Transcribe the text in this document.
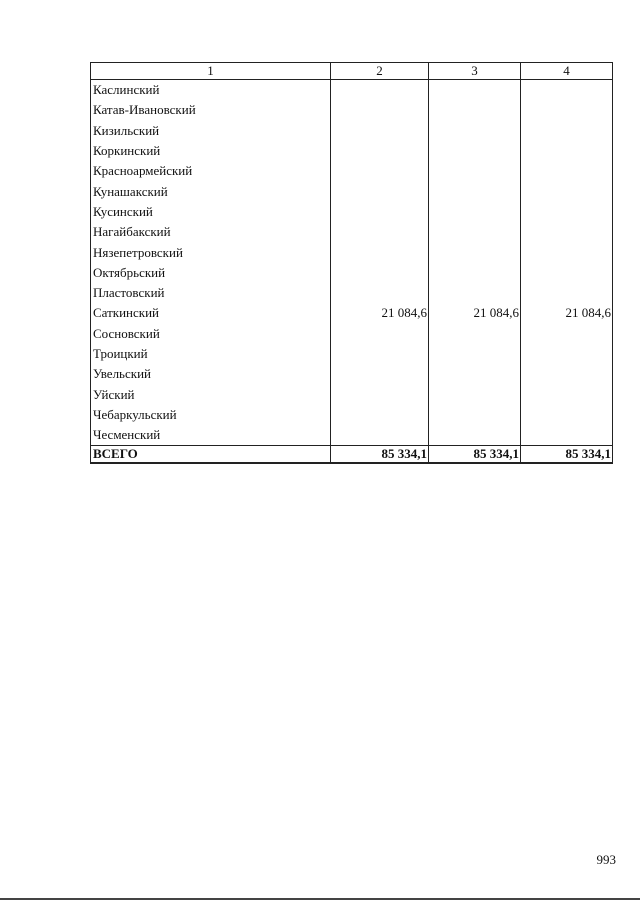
1	2	3	4
Каслинский			
Катав-Ивановский			
Кизильский			
Коркинский			
Красноармейский			
Кунашакский			
Кусинский			
Нагайбакский			
Нязепетровский			
Октябрьский			
Пластовский			
Саткинский	21 084,6	21 084,6	21 084,6
Сосновский			
Троицкий			
Увельский			
Уйский			
Чебаркульский			
Чесменский			
ВСЕГО	85 334,1	85 334,1	85 334,1
993
